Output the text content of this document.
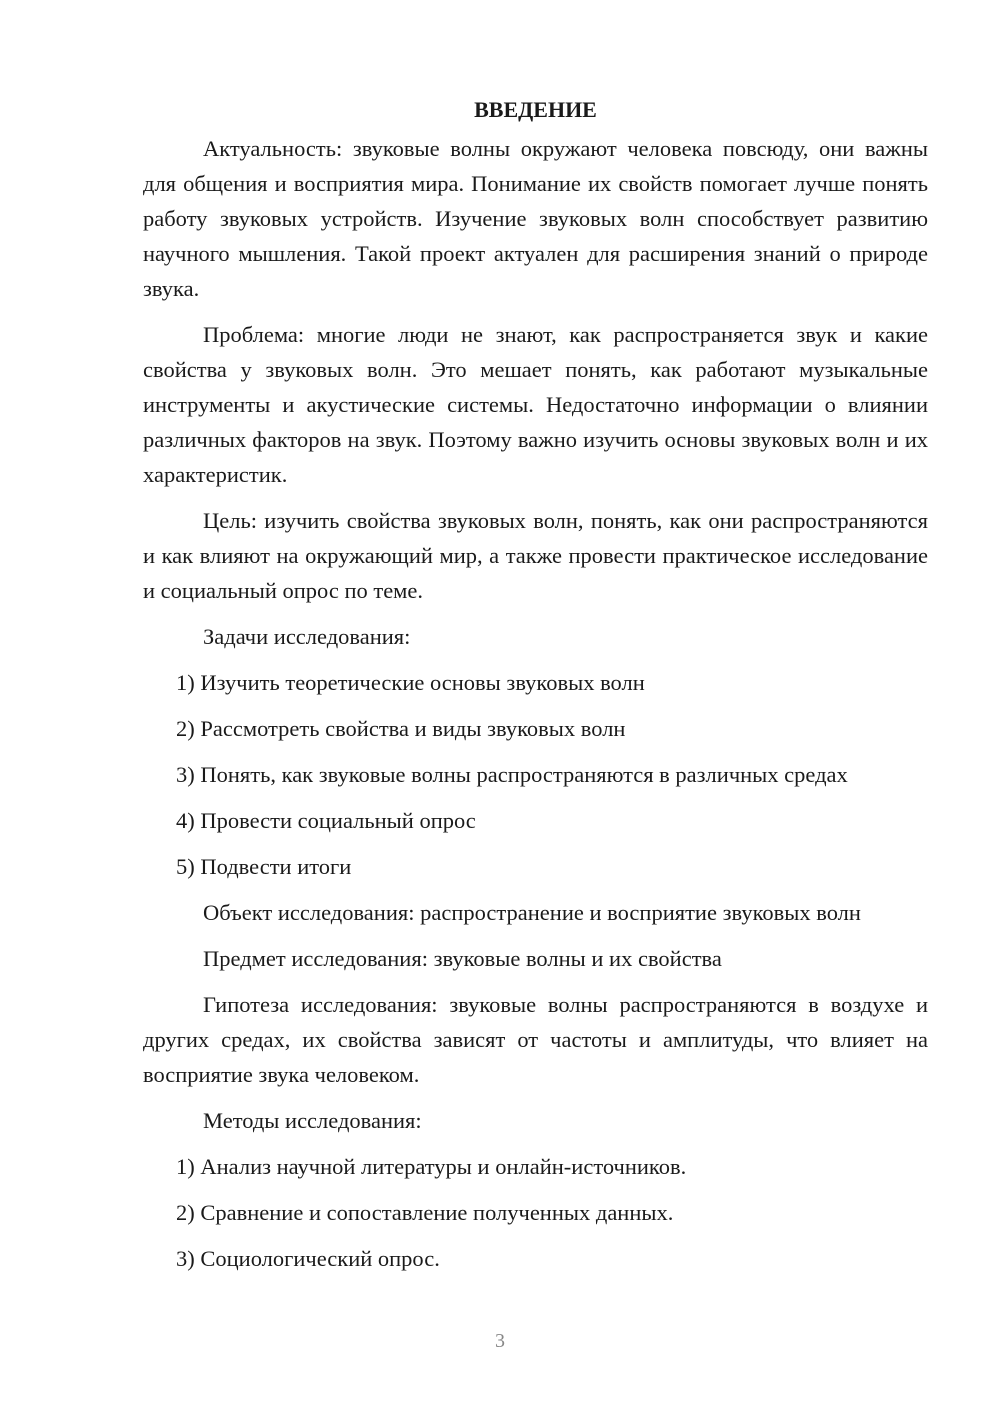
ВВЕДЕНИЕ

Актуальность: звуковые волны окружают человека повсюду, они важны для общения и восприятия мира. Понимание их свойств помогает лучше понять работу звуковых устройств. Изучение звуковых волн способствует развитию научного мышления. Такой проект актуален для расширения знаний о природе звука.

Проблема: многие люди не знают, как распространяется звук и какие свойства у звуковых волн. Это мешает понять, как работают музыкальные инструменты и акустические системы. Недостаточно информации о влиянии различных факторов на звук. Поэтому важно изучить основы звуковых волн и их характеристик.

Цель: изучить свойства звуковых волн, понять, как они распространяются и как влияют на окружающий мир, а также провести практическое исследование и социальный опрос по теме.

Задачи исследования:

1) Изучить теоретические основы звуковых волн
2) Рассмотреть свойства и виды звуковых волн
3) Понять, как звуковые волны распространяются в различных средах
4) Провести социальный опрос
5) Подвести итоги

Объект исследования: распространение и восприятие звуковых волн

Предмет исследования: звуковые волны и их свойства

Гипотеза исследования: звуковые волны распространяются в воздухе и других средах, их свойства зависят от частоты и амплитуды, что влияет на восприятие звука человеком.

Методы исследования:

1) Анализ научной литературы и онлайн-источников.
2) Сравнение и сопоставление полученных данных.
3) Социологический опрос.
3
